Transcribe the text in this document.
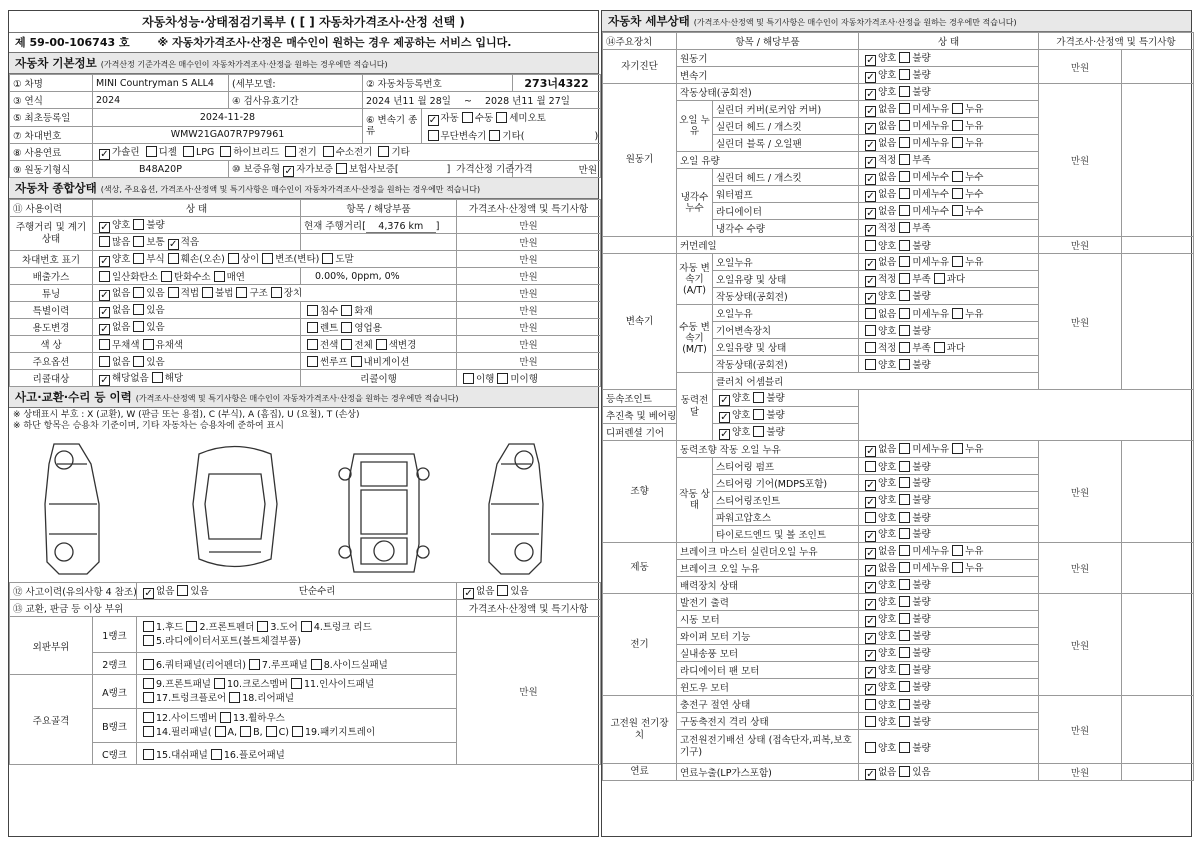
자동차성능·상태점검기록부 ( [ ] 자동차가격조사·산정 선택 )
제 59-00-106743 호	※ 자동차가격조사·산정은 매수인이 원하는 경우 제공하는 서비스 입니다.
자동차 기본정보 (가격산정 기준가격은 매수인이 자동차가격조사·산정을 원하는 경우에만 적습니다)
① 차명	MINI Countryman S ALL4	(세부모델:	② 자동차등록번호	273너4322
③ 연식	2024	④ 검사유효기간	2024 년11 월 28일 ~ 2028 년11 월 27일
⑤ 최초등록일	2024-11-28		⑥ 변속기 종류	✓ 자동 수동 세미오토
무단변속기 기타(	)

⑦ 차대번호	WMW21GA07R7P97961
⑧ 사용연료	✓ 가솔린 디젤 LPG 하이브리드 전기 수소전기 기타
⑨ 원동기형식	B48A20P	⑩ 보증유형 ✓ 자가보증 보험사보증[	] 가격산정 기준가격	만원
자동차 종합상태 (색상, 주요옵션, 가격조사·산정액 및 특기사항은 매수인이 자동차가격조사·산정을 원하는 경우에만 적습니다)
⑪ 사용이력	상 태	항목 / 해당부품	가격조사·산정액 및 특기사항
주행거리 및 계기상태	✓ 양호 불량	현재 주행거리[ 4,376 km ]	만원
	많음 보통 ✓ 적음		만원
차대번호 표기	✓ 양호 부식 훼손(오손) 상이 변조(변타) 도말		만원
배출가스	일산화탄소 탄화수소 매연	0.00%, 0ppm, 0%	만원
튜닝	✓ 없음 있음 적법 불법 구조 장치		만원
특별이력	✓ 없음 있음	침수 화재	만원
용도변경	✓ 없음 있음	렌트 영업용	만원
색 상	무채색 유채색	전색 전체 색변경	만원
주요옵션	없음 있음	썬루프 내비게이션	만원
리콜대상	✓ 해당없음 해당	리콜이행	이행 미이행
사고·교환·수리 등 이력 (가격조사·산정액 및 특기사항은 매수인이 자동차가격조사·산정을 원하는 경우에만 적습니다)
※ 상태표시 부호 : X (교환), W (판금 또는 용접), C (부식), A (흠집), U (요철), T (손상)
※ 하단 항목은 승용차 기준이며, 기타 자동차는 승용차에 준하여 표시
⑫ 사고이력(유의사항 4 참조)		✓ 없음 있음 단순수리	✓ 없음 있음
⑬ 교환, 판금 등 이상 부위			가격조사·산정액 및 특기사항
외판부위	1랭크	1.후드 2.프론트펜더 3.도어 4.트렁크 리드
5.라디에이터서포트(볼트체결부품)	만원
	2랭크	6.쿼터패널(리어펜더) 7.루프패널 8.사이드실패널	
주요골격	A랭크	9.프론트패널 10.크로스멤버 11.인사이드패널
17.트렁크플로어 18.리어패널	
	B랭크	12.사이드멤버 13.휠하우스
14.필러패널( A, B, C) 19.패키지트레이	
	C랭크	15.대쉬패널 16.플로어패널	
자동차 세부상태 (가격조사·산정액 및 특기사항은 매수인이 자동차가격조사·산정을 원하는 경우에만 적습니다)
⑭주요장치	항목 / 해당부품		상 태	가격조사·산정액 및 특기사항		
자기진단	원동기		✓ 양호 불량	만원		
	변속기		✓ 양호 불량			
원동기	작동상태(공회전)		✓ 양호 불량	만원		
	오일 누유	실린더 커버(로커암 커버)	✓ 없음 미세누유 누유			
		실린더 헤드 / 개스킷	✓ 없음 미세누유 누유			
		실린더 블록 / 오일팬	✓ 없음 미세누유 누유			
	오일 유량		✓ 적정 부족			
	냉각수 누수	실린더 헤드 / 개스킷	✓ 없음 미세누수 누수			
		워터펌프	✓ 없음 미세누수 누수			
		라디에이터	✓ 없음 미세누수 누수			
		냉각수 수량	✓ 적정 부족			
	커먼레일		양호 불량	만원		
변속기	자동 변속기 (A/T)	오일누유	✓ 없음 미세누유 누유	만원		
		오일유량 및 상태	✓ 적정 부족 과다			
		작동상태(공회전)	✓ 양호 불량			
	수동 변속기 (M/T)	오일누유	없음 미세누유 누유			
		기어변속장치	양호 불량			
		오일유량 및 상태	적정 부족 과다			
		작동상태(공회전)	양호 불량			
	동력전달	클러치 어셈블리			
등속조인트		✓ 양호 불량				
추진축 및 베어링		✓ 양호 불량				
디퍼렌셜 기어		✓ 양호 불량				
조향	동력조향 작동 오일 누유		✓ 없음 미세누유 누유	만원		
	작동 상태	스티어링 펌프	양호 불량			
		스티어링 기어(MDPS포함)	✓ 양호 불량			
		스티어링조인트	✓ 양호 불량			
		파워고압호스	양호 불량			
		타이로드엔드 및 볼 조인트	✓ 양호 불량			
제동	브레이크 마스터 실린더오일 누유		✓ 없음 미세누유 누유	만원		
	브레이크 오일 누유		✓ 없음 미세누유 누유			
	배력장치 상태		✓ 양호 불량			
전기	발전기 출력		✓ 양호 불량	만원		
	시동 모터		✓ 양호 불량			
	와이퍼 모터 기능		✓ 양호 불량			
	실내송풍 모터		✓ 양호 불량			
	라디에이터 팬 모터		✓ 양호 불량			
	윈도우 모터		✓ 양호 불량			
고전원 전기장치	충전구 절연 상태		양호 불량	만원		
	구동축전지 격리 상태		양호 불량			
	고전원전기배선 상태 (접속단자,피복,보호기구)		양호 불량			
연료	연료누출(LP가스포함)		✓ 없음 있음	만원		
